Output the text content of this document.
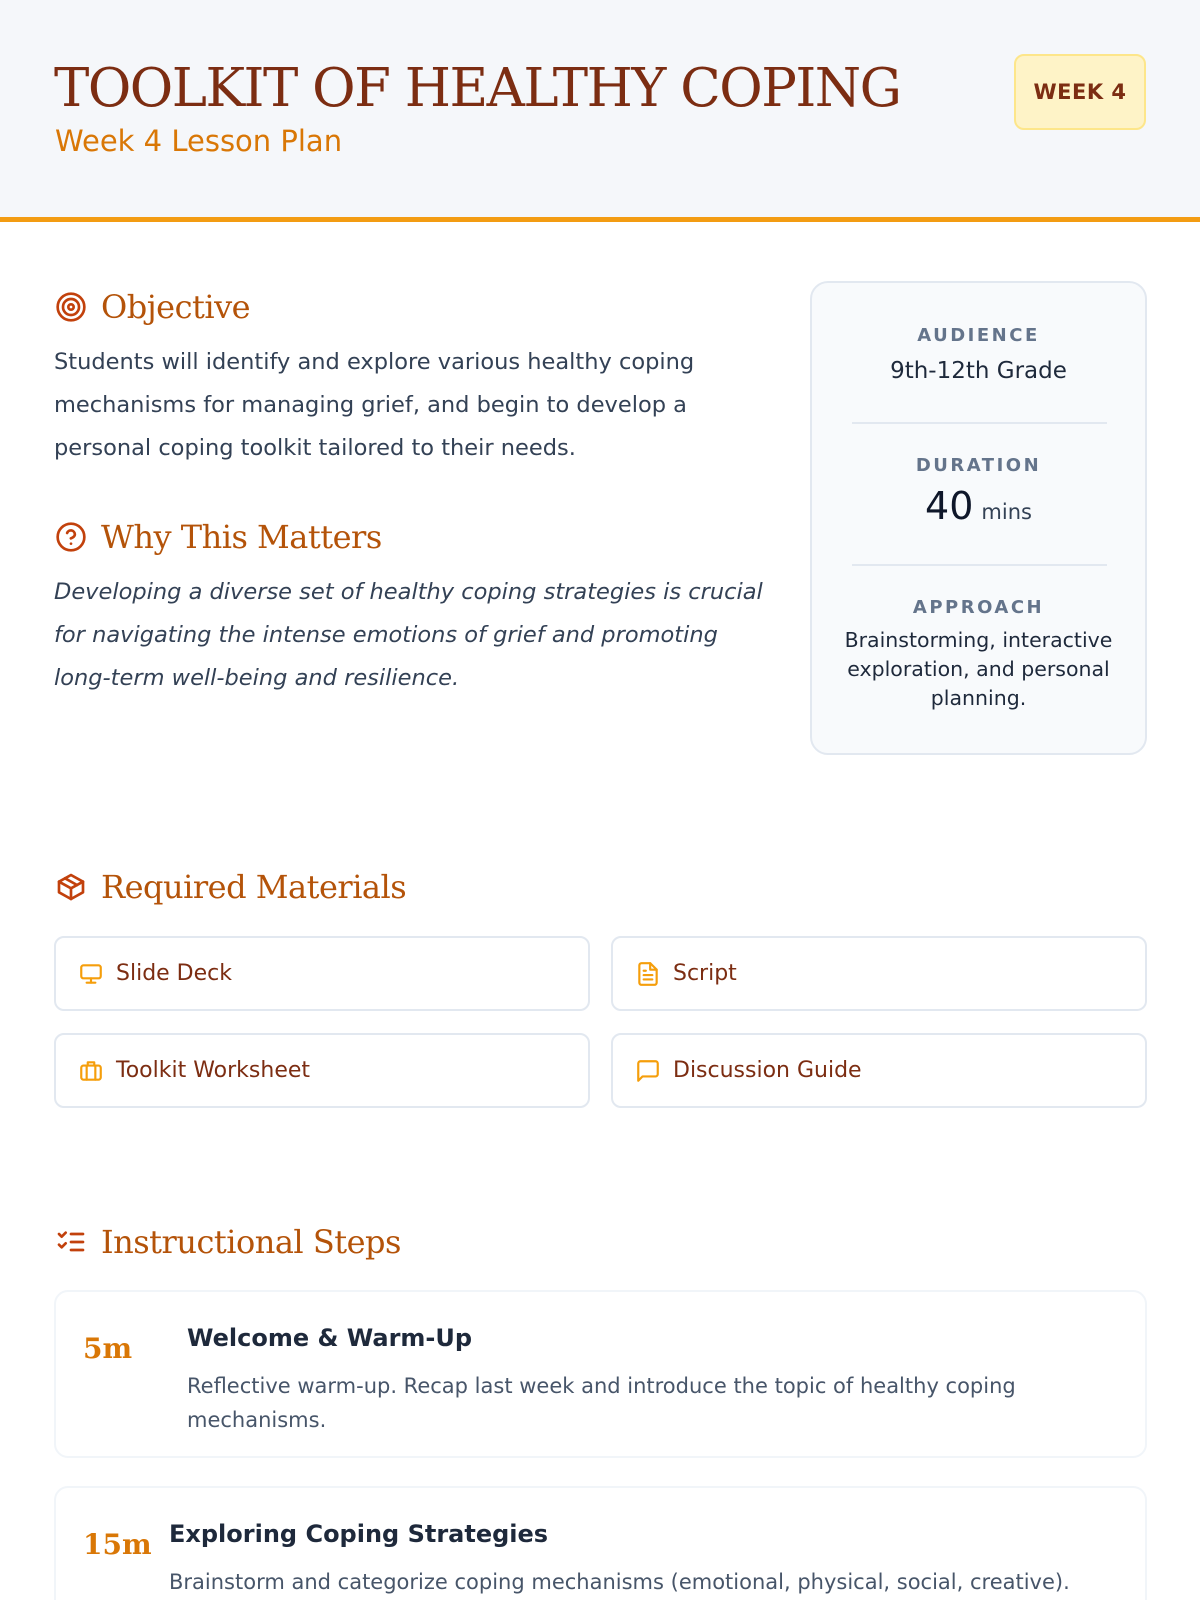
TOOLKIT OF HEALTHY COPING
Week 4 Lesson Plan
WEEK 4
Objective
Students will identify and explore various healthy coping mechanisms for managing grief, and begin to develop a personal coping toolkit tailored to their needs.
Why This Matters
Developing a diverse set of healthy coping strategies is crucial for navigating the intense emotions of grief and promoting long-term well-being and resilience.
AUDIENCE
9th-12th Grade
DURATION
40 mins
APPROACH
Brainstorming, interactive exploration, and personal planning.
Required Materials
Slide Deck	Script
Toolkit Worksheet	Discussion Guide
Instructional Steps
5m Welcome & Warm-Up
Reflective warm-up. Recap last week and introduce the topic of healthy coping mechanisms.
15m Exploring Coping Strategies
Brainstorm and categorize coping mechanisms (emotional, physical, social, creative).
